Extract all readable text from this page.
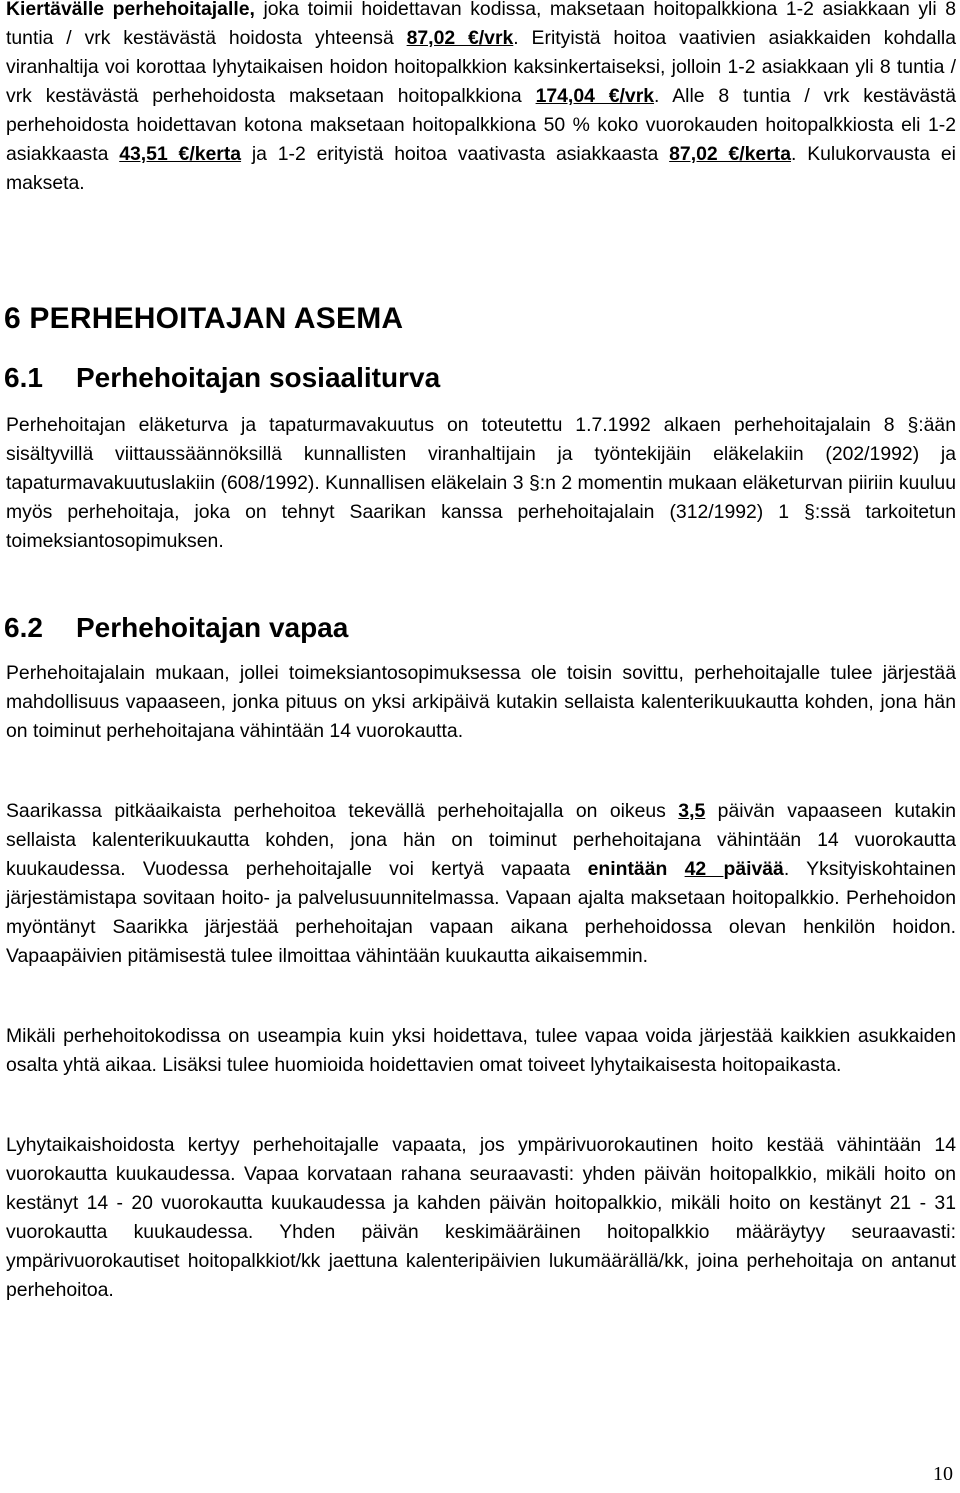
Kiertävälle perhehoitajalle, joka toimii hoidettavan kodissa, maksetaan hoitopalkkiona 1-2 asiakkaan yli 8 tuntia / vrk kestävästä hoidosta yhteensä 87,02 €/vrk. Erityistä hoitoa vaativien asiakkaiden kohdalla viranhaltija voi korottaa lyhytaikaisen hoidon hoitopalkkion kaksinkertaiseksi, jolloin 1-2 asiakkaan yli 8 tuntia / vrk kestävästä perhehoidosta maksetaan hoitopalkkiona 174,04 €/vrk. Alle 8 tuntia / vrk kestävästä perhehoidosta hoidettavan kotona maksetaan hoitopalkkiona 50 % koko vuorokauden hoitopalkkiosta eli 1-2 asiakkaasta 43,51 €/kerta ja 1-2 erityistä hoitoa vaativasta asiakkaasta 87,02 €/kerta. Kulukorvausta ei makseta.

6 PERHEHOITAJAN ASEMA
6.1 Perhehoitajan sosiaaliturva

Perhehoitajan eläketurva ja tapaturmavakuutus on toteutettu 1.7.1992 alkaen perhehoitajalain 8 §:ään sisältyvillä viittaussäännöksillä kunnallisten viranhaltijain ja työntekijäin eläkelakiin (202/1992) ja tapaturmavakuutuslakiin (608/1992). Kunnallisen eläkelain 3 §:n 2 momentin mukaan eläketurvan piiriin kuuluu myös perhehoitaja, joka on tehnyt Saarikan kanssa perhehoitajalain (312/1992) 1 §:ssä tarkoitetun toimeksiantosopimuksen.

6.2 Perhehoitajan vapaa

Perhehoitajalain mukaan, jollei toimeksiantosopimuksessa ole toisin sovittu, perhehoitajalle tulee järjestää mahdollisuus vapaaseen, jonka pituus on yksi arkipäivä kutakin sellaista kalenterikuukautta kohden, jona hän on toiminut perhehoitajana vähintään 14 vuorokautta.

Saarikassa pitkäaikaista perhehoitoa tekevällä perhehoitajalla on oikeus 3,5 päivän vapaaseen kutakin sellaista kalenterikuukautta kohden, jona hän on toiminut perhehoitajana vähintään 14 vuorokautta kuukaudessa. Vuodessa perhehoitajalle voi kertyä vapaata enintään 42 päivää. Yksityiskohtainen järjestämistapa sovitaan hoito- ja palvelusuunnitelmassa. Vapaan ajalta maksetaan hoitopalkkio. Perhehoidon myöntänyt Saarikka järjestää perhehoitajan vapaan aikana perhehoidossa olevan henkilön hoidon. Vapaapäivien pitämisestä tulee ilmoittaa vähintään kuukautta aikaisemmin.

Mikäli perhehoitokodissa on useampia kuin yksi hoidettava, tulee vapaa voida järjestää kaikkien asukkaiden osalta yhtä aikaa. Lisäksi tulee huomioida hoidettavien omat toiveet lyhytaikaisesta hoitopaikasta.

Lyhytaikaishoidosta kertyy perhehoitajalle vapaata, jos ympärivuorokautinen hoito kestää vähintään 14 vuorokautta kuukaudessa. Vapaa korvataan rahana seuraavasti: yhden päivän hoitopalkkio, mikäli hoito on kestänyt 14 - 20 vuorokautta kuukaudessa ja kahden päivän hoitopalkkio, mikäli hoito on kestänyt 21 - 31 vuorokautta kuukaudessa. Yhden päivän keskimääräinen hoitopalkkio määräytyy seuraavasti: ympärivuorokautiset hoitopalkkiot/kk jaettuna kalenteripäivien lukumäärällä/kk, joina perhehoitaja on antanut perhehoitoa.

10
